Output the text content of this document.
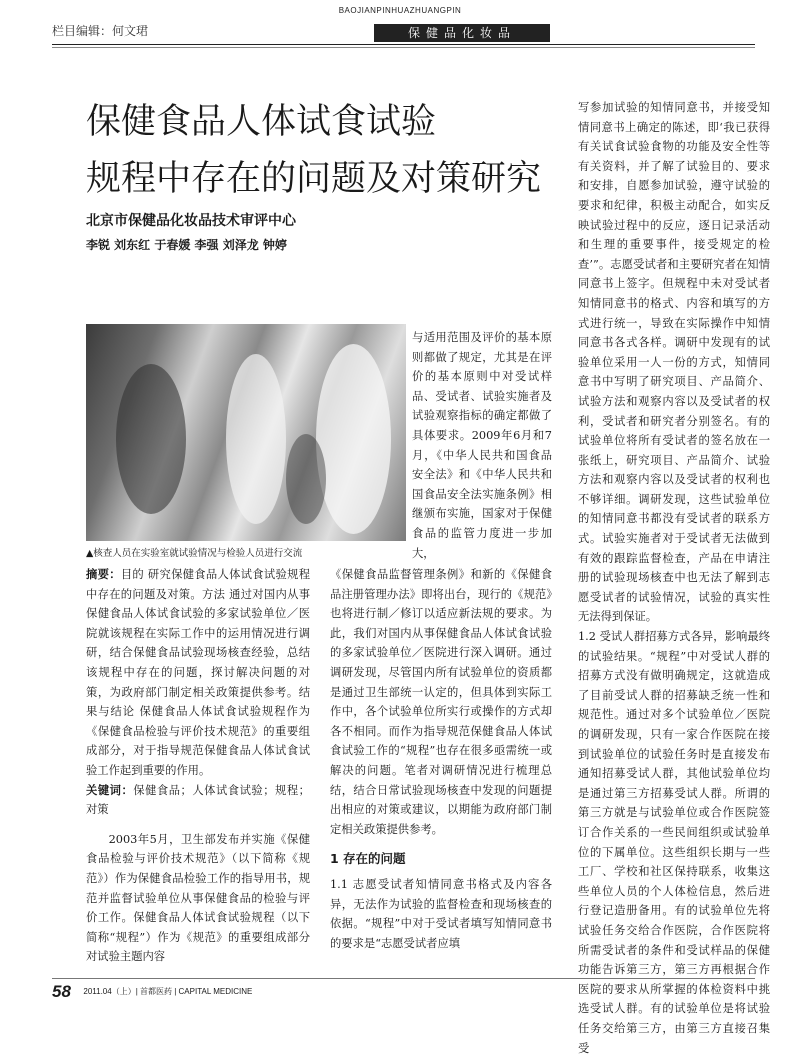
BAOJIANPINHUAZHUANGPIN
栏目编辑：何文珺	保健品化妆品
保健食品人体试食试验
规程中存在的问题及对策研究
北京市保健品化妆品技术审评中心
李锐 刘东红 于春媛 李强 刘泽龙 钟婷
▲核查人员在实验室就试验情况与检验人员进行交流

与适用范围及评价的基本原则都做了规定，尤其是在评价的基本原则中对受试样品、受试者、试验实施者及试验观察指标的确定都做了具体要求。2009年6月和7月，《中华人民共和国食品安全法》和《中华人民共和国食品安全法实施条例》相继颁布实施，国家对于保健食品的监管力度进一步加大，

摘要：目的 研究保健食品人体试食试验规程中存在的问题及对策。方法 通过对国内从事保健食品人体试食试验的多家试验单位／医院就该规程在实际工作中的运用情况进行调研，结合保健食品试验现场核查经验，总结该规程中存在的问题，探讨解决问题的对策，为政府部门制定相关政策提供参考。结果与结论 保健食品人体试食试验规程作为《保健食品检验与评价技术规范》的重要组成部分，对于指导规范保健食品人体试食试验工作起到重要的作用。

关键词：保健食品；人体试食试验；规程；对策

2003年5月，卫生部发布并实施《保健食品检验与评价技术规范》（以下简称《规范》）作为保健食品检验工作的指导用书，规范并监督试验单位从事保健食品的检验与评价工作。保健食品人体试食试验规程（以下简称“规程”）作为《规范》的重要组成部分对试验主题内容

《保健食品监督管理条例》和新的《保健食品注册管理办法》即将出台，现行的《规范》也将进行制／修订以适应新法规的要求。为此，我们对国内从事保健食品人体试食试验的多家试验单位／医院进行深入调研。通过调研发现，尽管国内所有试验单位的资质都是通过卫生部统一认定的，但具体到实际工作中，各个试验单位所实行或操作的方式却各不相同。而作为指导规范保健食品人体试食试验工作的“规程”也存在很多亟需统一或解决的问题。笔者对调研情况进行梳理总结，结合日常试验现场核查中发现的问题提出相应的对策或建议，以期能为政府部门制定相关政策提供参考。

1 存在的问题

1.1 志愿受试者知情同意书格式及内容各异，无法作为试验的监督检查和现场核查的依据。“规程”中对于受试者填写知情同意书的要求是“志愿受试者应填

写参加试验的知情同意书，并接受知情同意书上确定的陈述，即‘我已获得有关试食试验食物的功能及安全性等有关资料，并了解了试验目的、要求和安排，自愿参加试验，遵守试验的要求和纪律，积极主动配合，如实反映试验过程中的反应，逐日记录活动和生理的重要事件，接受规定的检查’”。志愿受试者和主要研究者在知情同意书上签字。但规程中未对受试者知情同意书的格式、内容和填写的方式进行统一，导致在实际操作中知情同意书各式各样。调研中发现有的试验单位采用一人一份的方式，知情同意书中写明了研究项目、产品简介、试验方法和观察内容以及受试者的权利，受试者和研究者分别签名。有的试验单位将所有受试者的签名放在一张纸上，研究项目、产品简介、试验方法和观察内容以及受试者的权利也不够详细。调研发现，这些试验单位的知情同意书都没有受试者的联系方式。试验实施者对于受试者无法做到有效的跟踪监督检查，产品在申请注册的试验现场核查中也无法了解到志愿受试者的试验情况，试验的真实性无法得到保证。

1.2 受试人群招募方式各异，影响最终的试验结果。“规程”中对受试人群的招募方式没有做明确规定，这就造成了目前受试人群的招募缺乏统一性和规范性。通过对多个试验单位／医院的调研发现，只有一家合作医院在接到试验单位的试验任务时是直接发布通知招募受试人群，其他试验单位均是通过第三方招募受试人群。所谓的第三方就是与试验单位或合作医院签订合作关系的一些民间组织或试验单位的下属单位。这些组织长期与一些工厂、学校和社区保持联系，收集这些单位人员的个人体检信息，然后进行登记造册备用。有的试验单位先将试验任务交给合作医院，合作医院将所需受试者的条件和受试样品的保健功能告诉第三方，第三方再根据合作医院的要求从所掌握的体检资料中挑选受试人群。有的试验单位是将试验任务交给第三方，由第三方直接召集受

58 2011.04（上）| 首都医药 | CAPITAL MEDICINE
